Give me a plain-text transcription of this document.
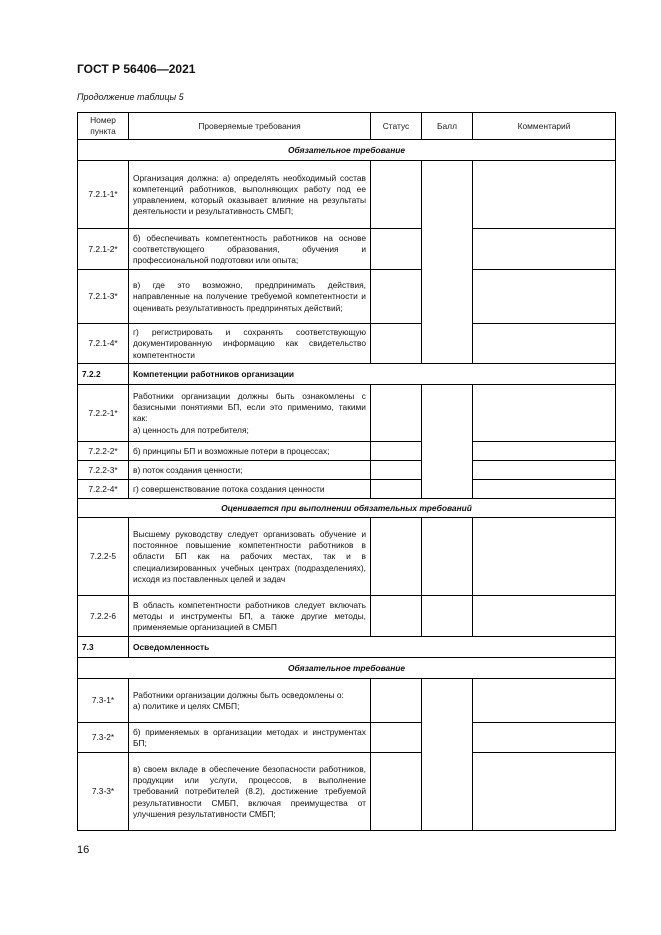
ГОСТ Р 56406—2021
Продолжение таблицы 5
Номер пункта	Проверяемые требования	Статус	Балл	Комментарий
Обязательное требование				
7.2.1-1*	Организация должна: а) определять необходимый состав компетенций работников, выполняющих работу под ее управлением, который оказывает влияние на результаты деятельности и результативность СМБП;			
7.2.1-2*	б) обеспечивать компетентность работников на основе соответствующего образования, обучения и профессиональной подготовки или опыта;			
7.2.1-3*	в) где это возможно, предпринимать действия, направленные на получение требуемой компетентности и оценивать результативность предпринятых действий;			
7.2.1-4*	г) регистрировать и сохранять соответствующую документированную информацию как свидетельство компетентности			
7.2.2	Компетенции работников организации			
7.2.2-1*	Работники организации должны быть ознакомлены с базисными понятиями БП, если это применимо, такими как:
а) ценность для потребителя;			

7.2.2-2*	б) принципы БП и возможные потери в процессах;			
7.2.2-3*	в) поток создания ценности;			
7.2.2-4*	г) совершенствование потока создания ценности			
Оценивается при выполнении обязательных требований				
7.2.2-5	Высшему руководству следует организовать обучение и постоянное повышение компетентности работников в области БП как на рабочих местах, так и в специализированных учебных центрах (подразделениях), исходя из поставленных целей и задач			
7.2.2-6	В область компетентности работников следует включать методы и инструменты БП, а также другие методы, применяемые организацией в СМБП			
7.3	Осведомленность			
Обязательное требование				
7.3-1*	Работники организации должны быть осведомлены о:
а) политике и целях СМБП;			

7.3-2*	б) применяемых в организации методах и инструментах БП;			
7.3-3*	в) своем вкладе в обеспечение безопасности работников, продукции или услуги, процессов, в выполнение требований потребителей (8.2), достижение требуемой результативности СМБП, включая преимущества от улучшения результативности СМБП;			
16
